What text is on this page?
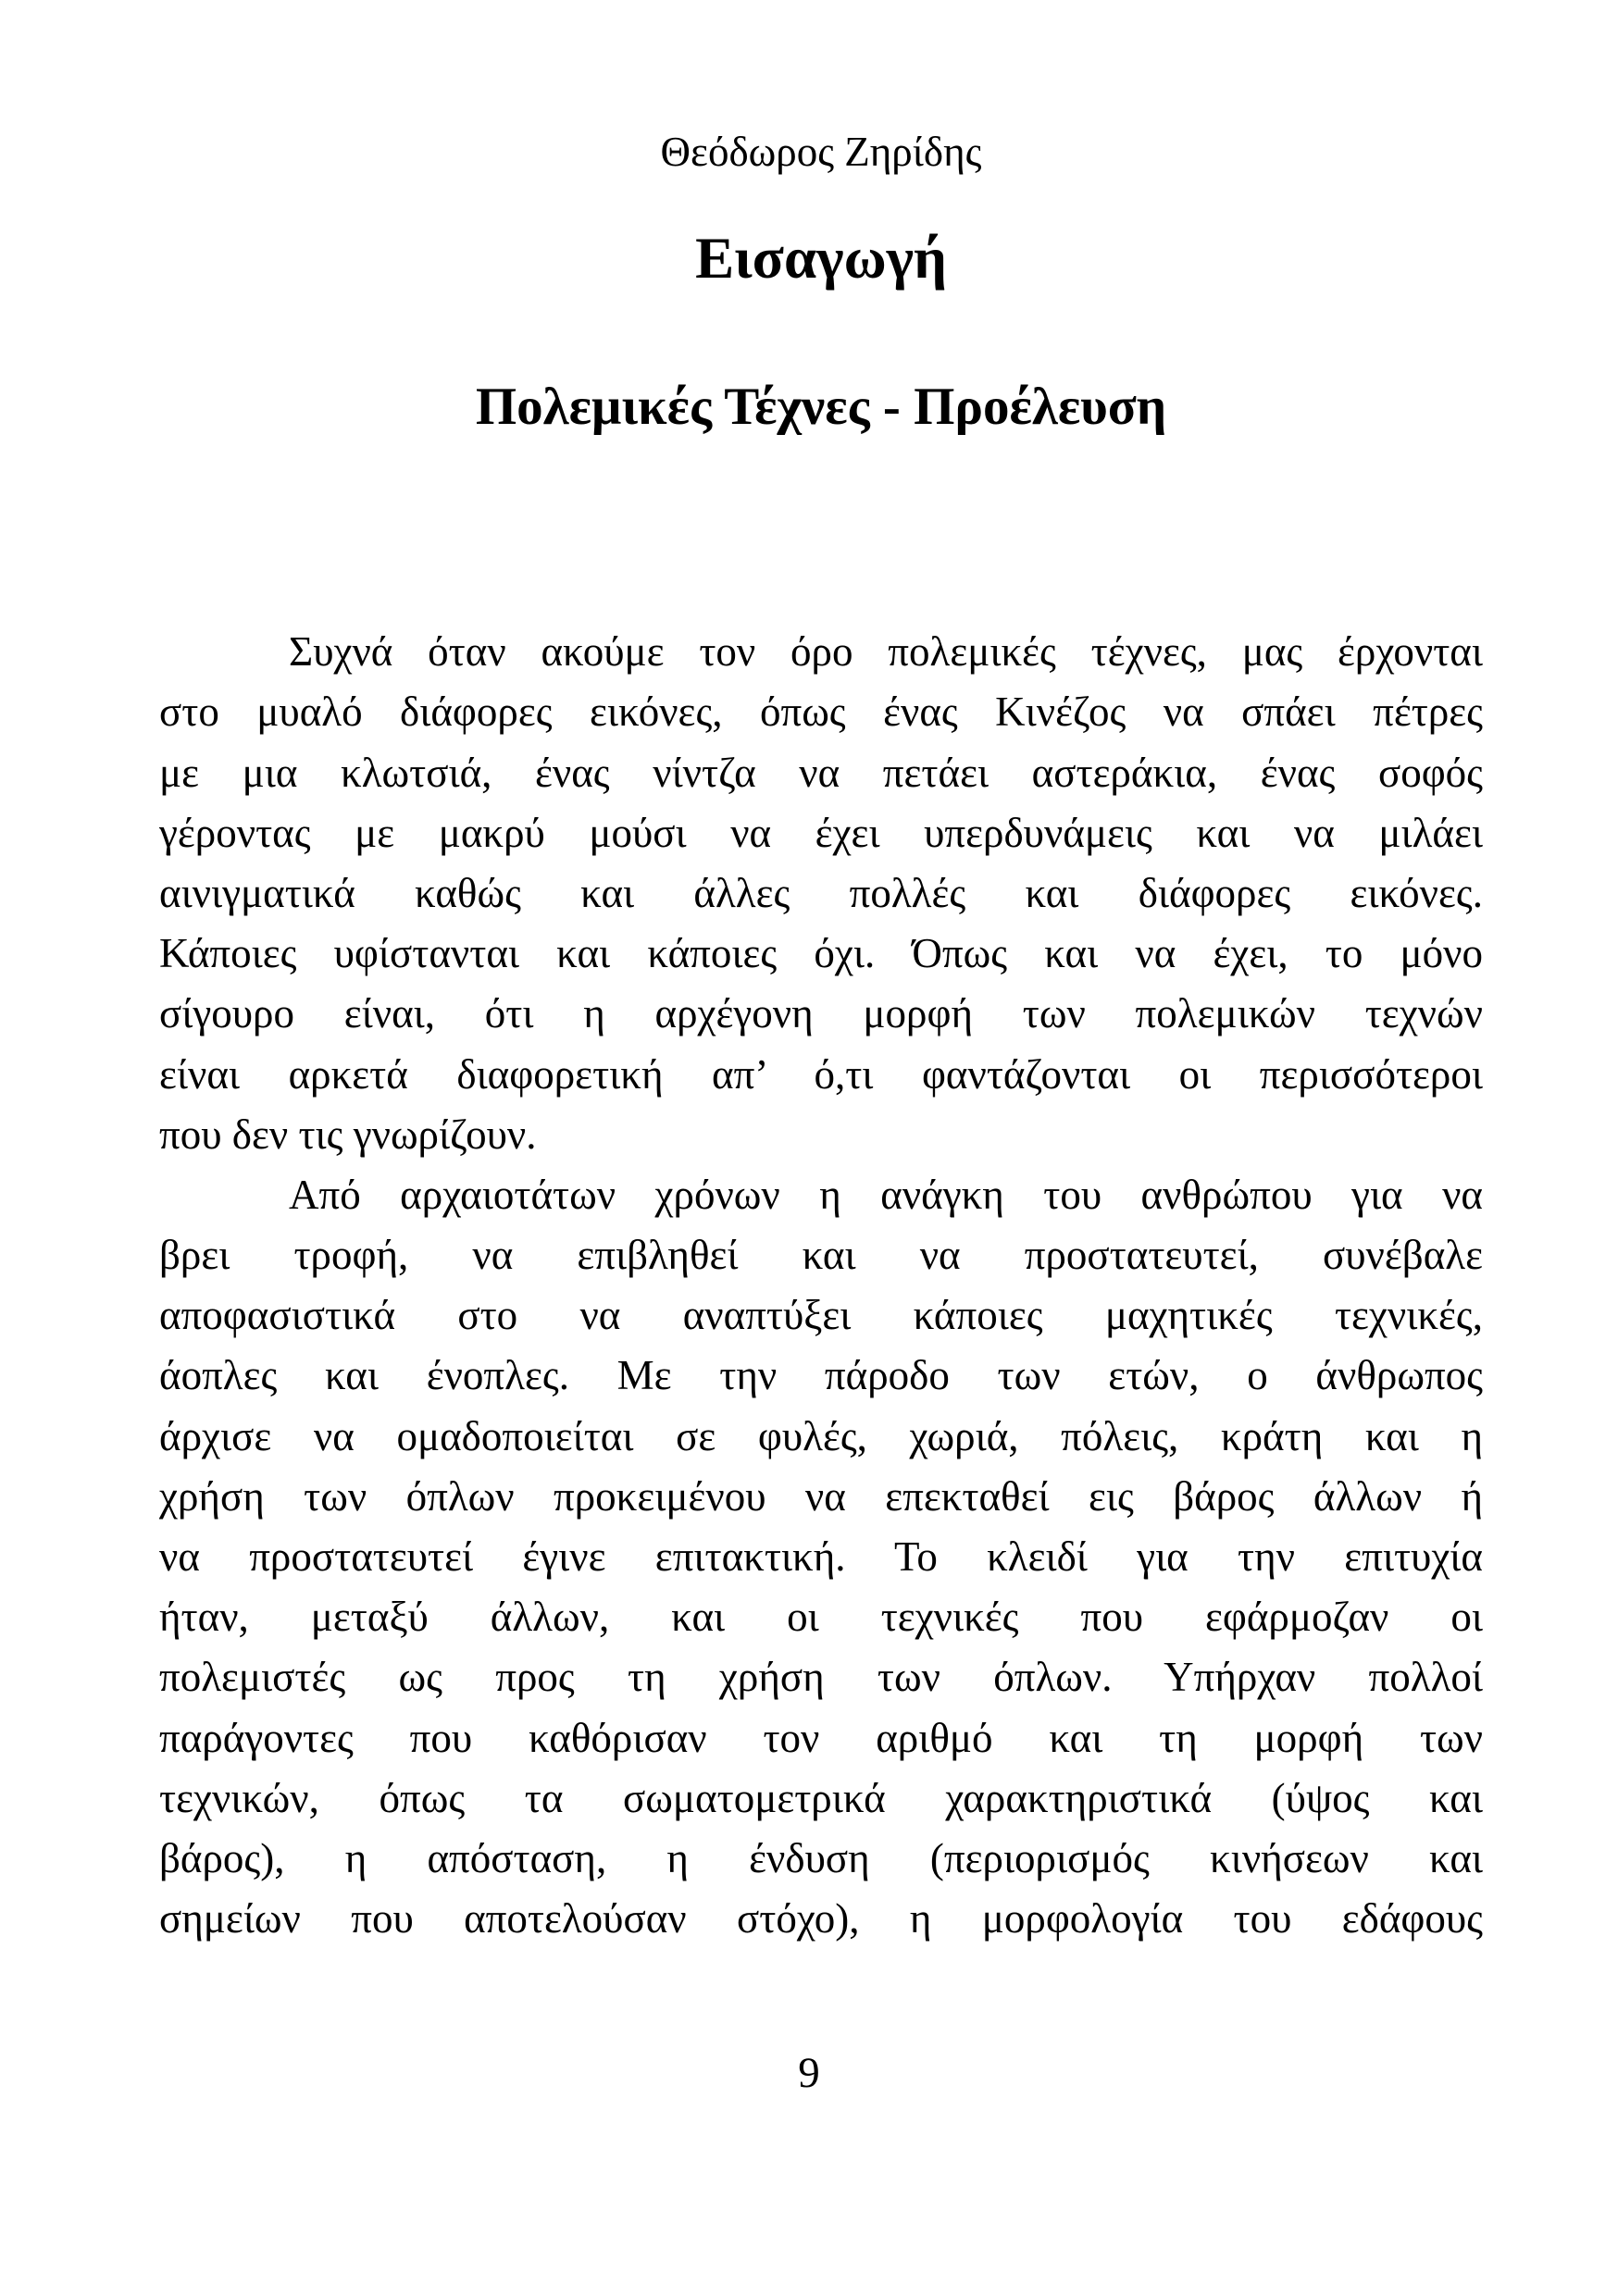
Θεόδωρος Ζηρίδης
Εισαγωγή
Πολεμικές Τέχνες - Προέλευση
Συχνά όταν ακούμε τον όρο πολεμικές τέχνες, μας έρχονται
στο μυαλό διάφορες εικόνες, όπως ένας Κινέζος να σπάει πέτρες
με μια κλωτσιά, ένας νίντζα να πετάει αστεράκια, ένας σοφός
γέροντας με μακρύ μούσι να έχει υπερδυνάμεις και να μιλάει
αινιγματικά καθώς και άλλες πολλές και διάφορες εικόνες.
Κάποιες υφίστανται και κάποιες όχι. Όπως και να έχει, το μόνο
σίγουρο είναι, ότι η αρχέγονη μορφή των πολεμικών τεχνών
είναι αρκετά διαφορετική απ’ ό,τι φαντάζονται οι περισσότεροι
που δεν τις γνωρίζουν.
Από αρχαιοτάτων χρόνων η ανάγκη του ανθρώπου για να
βρει τροφή, να επιβληθεί και να προστατευτεί, συνέβαλε
αποφασιστικά στο να αναπτύξει κάποιες μαχητικές τεχνικές,
άοπλες και ένοπλες. Με την πάροδο των ετών, ο άνθρωπος
άρχισε να ομαδοποιείται σε φυλές, χωριά, πόλεις, κράτη και η
χρήση των όπλων προκειμένου να επεκταθεί εις βάρος άλλων ή
να προστατευτεί έγινε επιτακτική. Το κλειδί για την επιτυχία
ήταν, μεταξύ άλλων, και οι τεχνικές που εφάρμοζαν οι
πολεμιστές ως προς τη χρήση των όπλων. Υπήρχαν πολλοί
παράγοντες που καθόρισαν τον αριθμό και τη μορφή των
τεχνικών, όπως τα σωματομετρικά χαρακτηριστικά (ύψος και
βάρος), η απόσταση, η ένδυση (περιορισμός κινήσεων και
σημείων που αποτελούσαν στόχο), η μορφολογία του εδάφους
9
